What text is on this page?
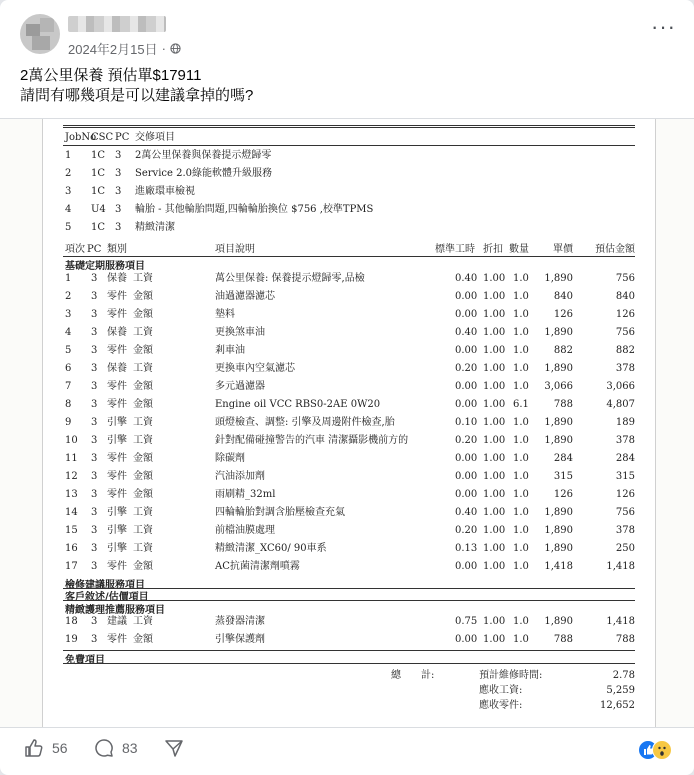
2024年2月15日 ·
···
2萬公里保養 預估單$17911
請問有哪幾項是可以建議拿掉的嗎?
JobNo
CSC PC 交修項目
1 1C 3 2萬公里保養與保養提示燈歸零
2 1C 3 Service 2.0綠能軟體升級服務
3 1C 3 進廠環車檢視
4 U4 3 輪胎 - 其他輪胎問題,四輪輪胎換位 $756 ,校準TPMS
5 1C 3 精緻清潔
項次 PC 類別	項目說明	標準工時 折扣 數量 單價 預估金額
基礎定期服務項目
1 3 保養 工資	萬公里保養: 保養提示燈歸零,品檢	0.40 1.00 1.0 1,890	756
2 3 零件 金額	油過濾器濾芯	0.00 1.00 1.0	840	840
3 3 零件 金額	墊料	0.00 1.00 1.0	126	126
4 3 保養 工資	更換煞車油	0.40 1.00 1.0 1,890	756
5 3 零件 金額	剎車油	0.00 1.00 1.0	882	882
6 3 保養 工資	更換車內空氣濾芯	0.20 1.00 1.0 1,890	378
7 3 零件 金額	多元過濾器	0.00 1.00 1.0 3,066	3,066
8 3 零件 金額	Engine oil VCC RBS0-2AE 0W20	0.00 1.00 6.1	788	4,807
9 3 引擎 工資	頭燈檢查、調整: 引擎及周邊附件檢查,胎	0.10 1.00 1.0 1,890	189
10 3 引擎 工資	針對配備碰撞警告的汽車 清潔攝影機前方的	0.20 1.00 1.0 1,890	378
11 3 零件 金額	除碳劑	0.00 1.00 1.0	284	284
12 3 零件 金額	汽油添加劑	0.00 1.00 1.0	315	315
13 3 零件 金額	雨刷精_32ml	0.00 1.00 1.0	126	126
14 3 引擎 工資	四輪輪胎對調含胎壓檢查充氣	0.40 1.00 1.0 1,890	756
15 3 引擎 工資	前檔油膜處理	0.20 1.00 1.0 1,890	378
16 3 引擎 工資	精緻清潔_XC60/ 90車系	0.13 1.00 1.0 1,890	250
17 3 零件 金額	AC抗菌清潔劑噴霧	0.00 1.00 1.0 1,418	1,418
檢修建議服務項目
客戶敘述/估價項目
精緻護理推薦服務項目
18 3 建議 工資	蒸發器清潔	0.75 1.00 1.0 1,890	1,418
19 3 零件 金額	引擎保護劑	0.00 1.00 1.0	788	788
免費項目
總　　計:	預計維修時間:	2.78
應收工資:	5,259
應收零件:	12,652
56	83
